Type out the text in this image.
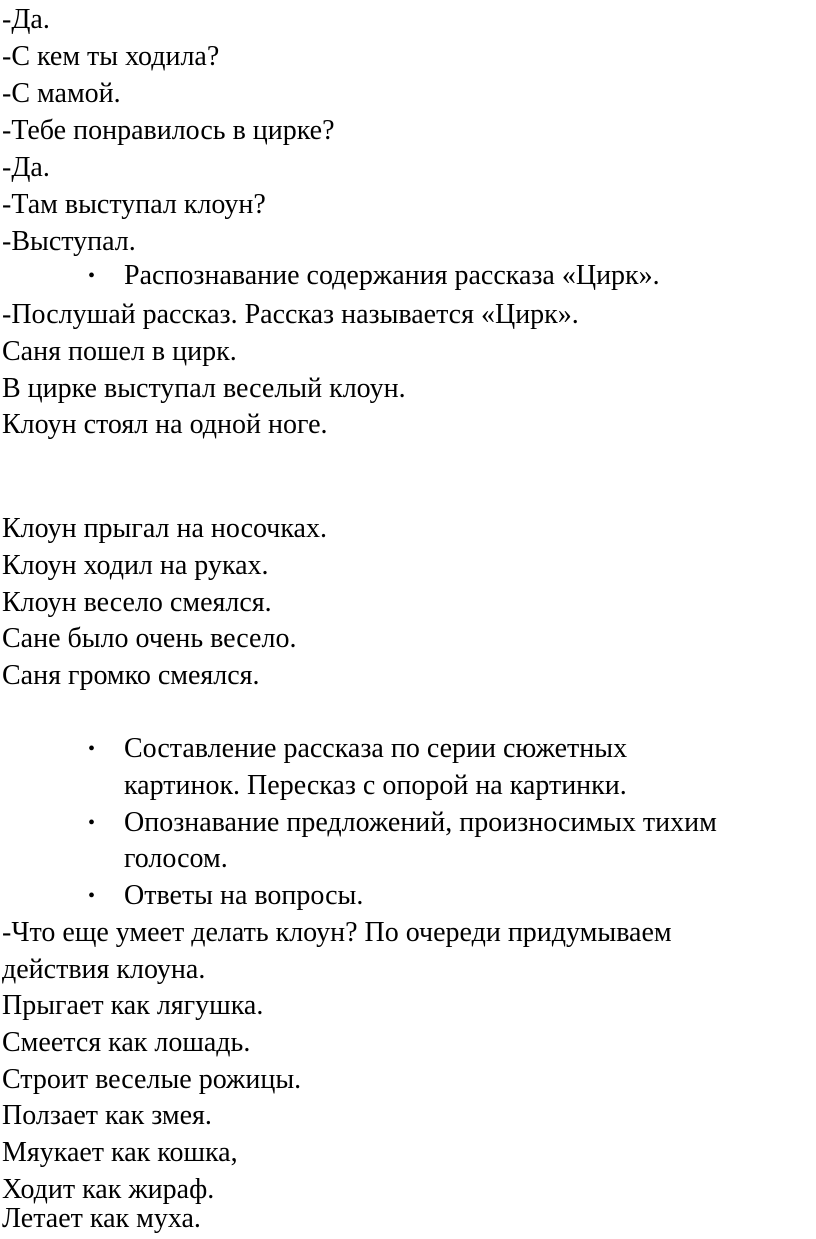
-Да.
-С кем ты ходила?
-С мамой.
-Тебе понравилось в цирке?
-Да.
-Там выступал клоун?
-Выступал.
• Распознавание содержания рассказа «Цирк».
-Послушай рассказ. Рассказ называется «Цирк».
Саня пошел в цирк.
В цирке выступал веселый клоун.
Клоун стоял на одной ноге.
Клоун прыгал на носочках.
Клоун ходил на руках.
Клоун весело смеялся.
Сане было очень весело.
Саня громко смеялся.
• Составление рассказа по серии сюжетных
картинок. Пересказ с опорой на картинки.
• Опознавание предложений, произносимых тихим
голосом.
• Ответы на вопросы.
-Что еще умеет делать клоун? По очереди придумываем
действия клоуна.
Прыгает как лягушка.
Смеется как лошадь.
Строит веселые рожицы.
Ползает как змея.
Мяукает как кошка,
Ходит как жираф.
Летает как муха.
